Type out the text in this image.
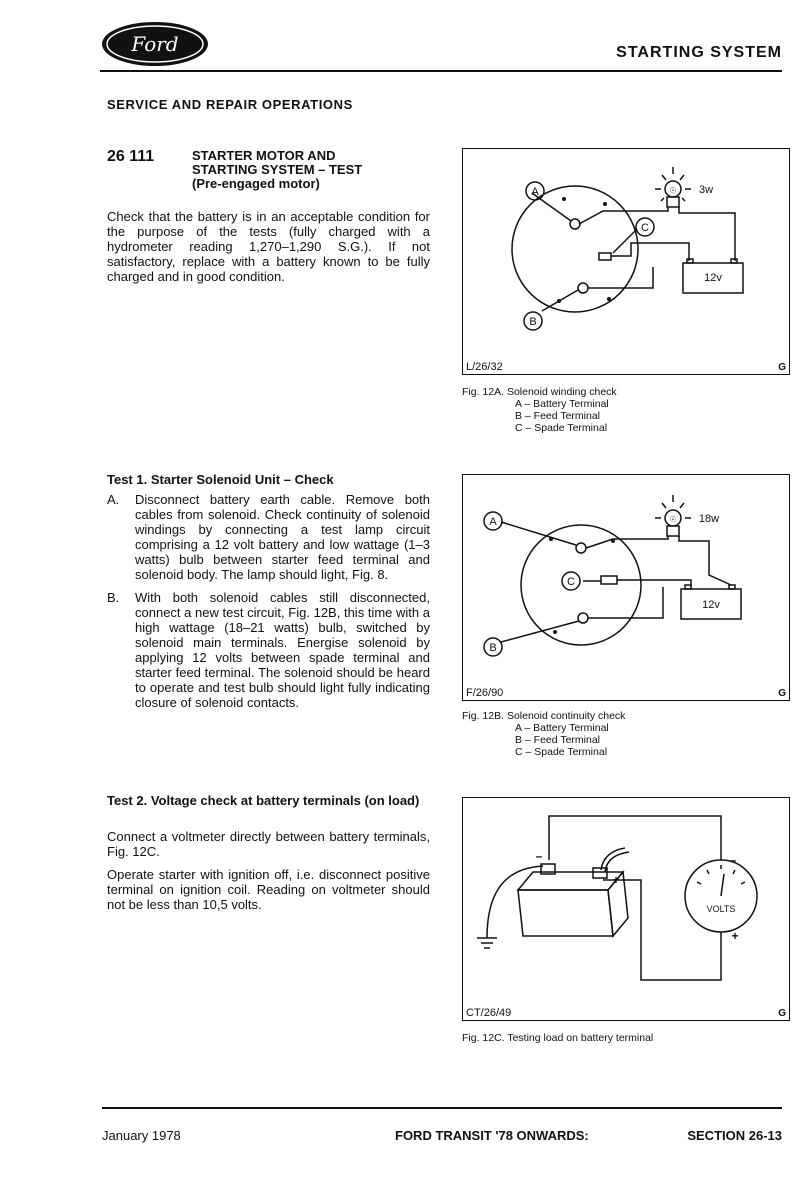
Ford	STARTING SYSTEM
SERVICE AND REPAIR OPERATIONS
26 111	STARTER MOTOR AND
STARTING SYSTEM – TEST
(Pre-engaged motor)
Check that the battery is in an acceptable condition for the purpose of the tests (fully charged with a hydrometer reading 1,270–1,290 S.G.). If not satisfactory, replace with a battery known to be fully charged and in good condition.
Test 1. Starter Solenoid Unit – Check
A. Disconnect battery earth cable. Remove both cables from solenoid. Check continuity of solenoid windings by connecting a test lamp circuit comprising a 12 volt battery and low wattage (1–3 watts) bulb between starter feed terminal and solenoid body. The lamp should light, Fig. 8.
B. With both solenoid cables still disconnected, connect a new test circuit, Fig. 12B, this time with a high wattage (18–21 watts) bulb, switched by solenoid main terminals. Energise solenoid by applying 12 volts between spade terminal and starter feed terminal. The solenoid should be heard to operate and test bulb should light fully indicating closure of solenoid contacts.
Test 2. Voltage check at battery terminals (on load)
Connect a voltmeter directly between battery terminals, Fig. 12C.
Operate starter with ignition off, i.e. disconnect positive terminal on ignition coil. Reading on voltmeter should not be less than 10,5 volts.
A
B
C
☉
12v
3w
L/26/32	G
Fig. 12A. Solenoid winding check
A – Battery Terminal
B – Feed Terminal
C – Spade Terminal
A
B
C
☉
12v
18w
F/26/90	G
Fig. 12B. Solenoid continuity check
A – Battery Terminal
B – Feed Terminal
C – Spade Terminal
–
+
–
+
VOLTS
CT/26/49	G
Fig. 12C. Testing load on battery terminal
January 1978	FORD TRANSIT '78 ONWARDS:	SECTION 26-13
